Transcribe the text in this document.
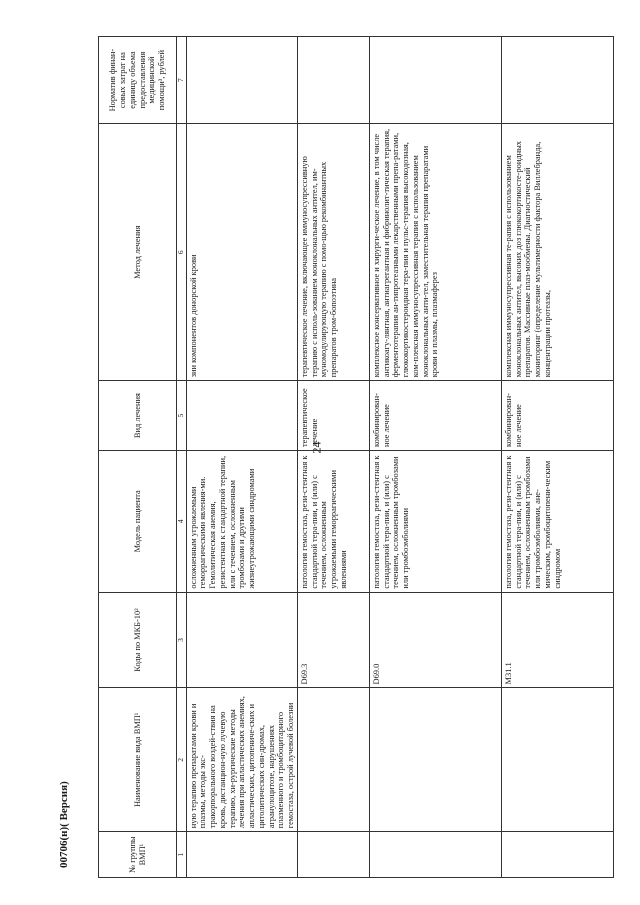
24
00706(н)( Версия)	№ группы ВМП¹	Наименование вида ВМП¹	Коды по МКБ-10²	Модель пациента	Вид лечения	Метод лечения	Норматив финан-совых затрат на единицу объема предоставления медицинской помощи³, рублей
1	2	3	4	5	6	7
	ную терапию препаратами крови и плазмы, методы экс-тракорпорального воздей-ствия на кровь, дистанцион-ную лучевую терапию, хи-рургические методы лечения при апластических анемиях, апластических, цитопениче-ских и цитолитических син-дромах, агранулоцитозе, нарушениях плазменного и тромбоцитарного гемостаза, острой лучевой болезни		осложненным угрожаемыми геморрагическими явления-ми. Гемолитическая анемия, резистентная к стандартной терапии, или с течением, осложненным тромбозами и другими жизнеугрожающими синдромами		зии компонентов донорской крови	
		D69.3	патология гемостаза, рези-стентная к стандартной тера-пии, и (или) с течением, осложненным угрожаемыми геморрагическими явлениями	терапевтическое лечение	терапевтическое лечение, включающее иммуносупрессивную терапию с исполь-зованием моноклональных антител, им-муномодулирующую терапию с помо-щью рекомбинантных препаратов тром-бопоэтина	
		D69.0	патология гемостаза, рези-стентная к стандартной тера-пии, и (или) с течением, осложненным тромбозами или тромбоэмболиями	комбинирован-ное лечение	комплексное консервативное и хирурги-ческое лечение, в том числе антикоагу-лянтная, антиагрегантная и фибринолит-тическая терапия, ферментотерапия ан-типротеазными лекарственными препа-ратами, глюкокортикостероидная тера-пия и пульс-терапия высокодозная, ком-плексная иммуносупрессивная терапия с использованием моноклональных анти-тел, заместительная терапия препаратами крови и плазмы, плазмаферез	
		M31.1	патология гемостаза, рези-стентная к стандартной тера-пии, и (или) с течением, осложненным тромбозами или тромбоэмболиями, ане-мическим, тромбоцитопени-ческим синдромом	комбинирован-ное лечение	комплексная иммуносупрессивная те-рапия с использованием моноклональных антител, высоких доз глюкокортикосте-роидных препаратов. Массивные плаз-мообмены. Диагностический мониторинг (определение мультимерности фактора Виллебранда, концентрации протеазы,	
